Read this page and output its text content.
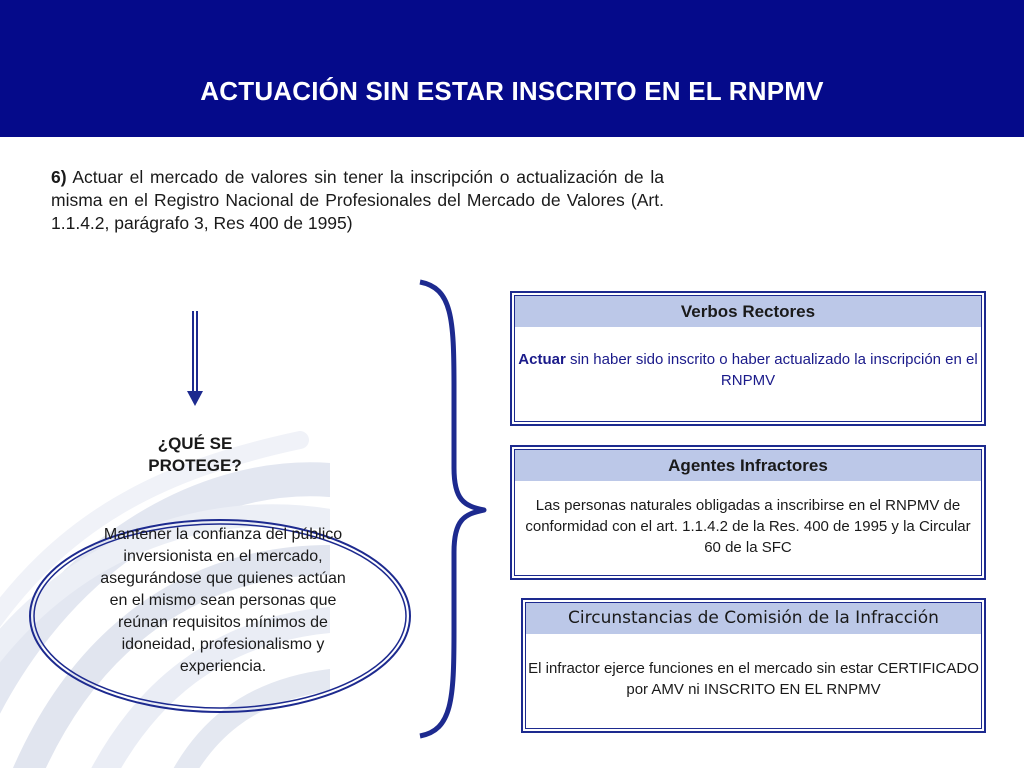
ACTUACIÓN SIN ESTAR INSCRITO EN EL RNPMV
6) Actuar el mercado de valores sin tener la inscripción o actualización de la misma en el Registro Nacional de Profesionales del Mercado de Valores (Art. 1.1.4.2, parágrafo 3, Res 400 de 1995)
¿QUÉ SE PROTEGE?
Mantener la confianza del público inversionista en el mercado, asegurándose que quienes actúan en el mismo sean personas que reúnan requisitos mínimos de idoneidad, profesionalismo y experiencia.
Verbos Rectores
Actuar sin haber sido inscrito o haber actualizado la inscripción en el RNPMV
Agentes Infractores
Las personas naturales obligadas a inscribirse en el RNPMV de conformidad con el art. 1.1.4.2 de la Res. 400 de 1995 y la Circular 60 de la SFC
Circunstancias de Comisión de la Infracción
El infractor ejerce funciones en el mercado sin estar CERTIFICADO por AMV ni INSCRITO EN EL RNPMV
